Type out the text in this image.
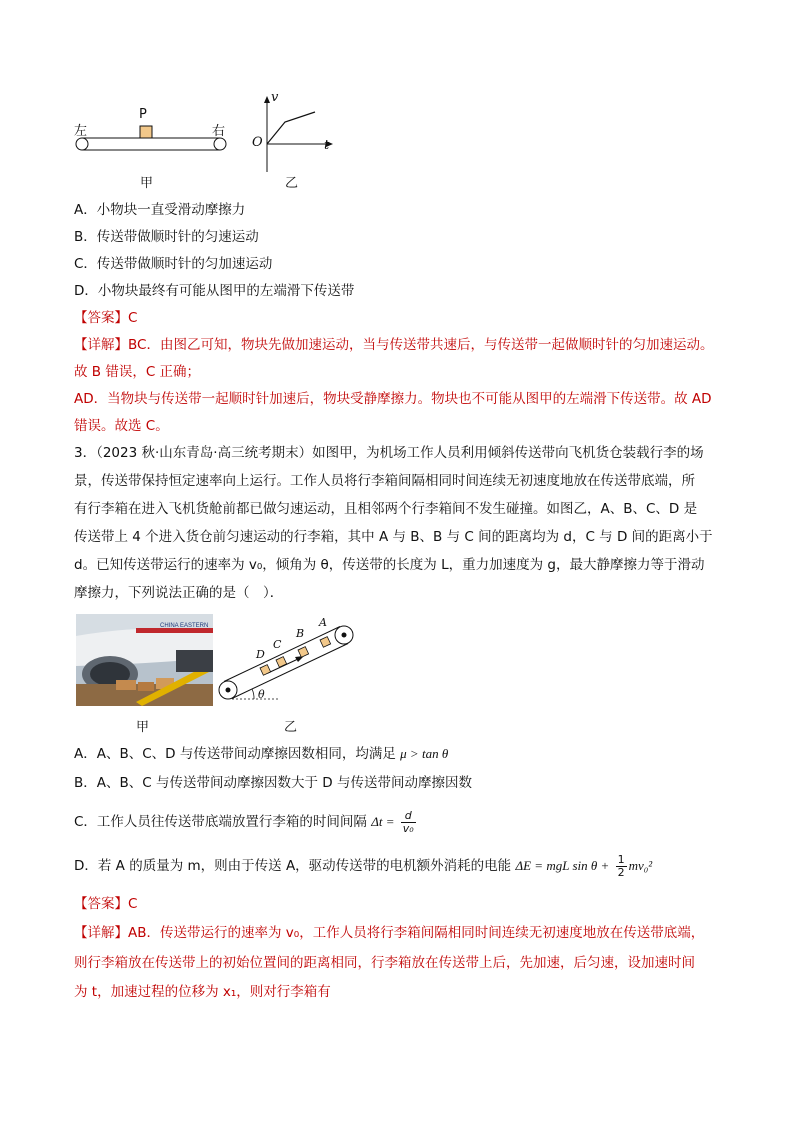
左	右
P
甲
v
t
O
乙
A．小物块一直受滑动摩擦力
B．传送带做顺时针的匀速运动
C．传送带做顺时针的匀加速运动
D．小物块最终有可能从图甲的左端滑下传送带
【答案】C
【详解】BC．由图乙可知，物块先做加速运动，当与传送带共速后，与传送带一起做顺时针的匀加速运动。
故 B 错误，C 正确；
AD．当物块与传送带一起顺时针加速后，物块受静摩擦力。物块也不可能从图甲的左端滑下传送带。故 AD
错误。故选 C。
3．（2023 秋·山东青岛·高三统考期末）如图甲，为机场工作人员利用倾斜传送带向飞机货仓装载行李的场
景，传送带保持恒定速率向上运行。工作人员将行李箱间隔相同时间连续无初速度地放在传送带底端，所
有行李箱在进入飞机货舱前都已做匀速运动，且相邻两个行李箱间不发生碰撞。如图乙，A、B、C、D 是
传送带上 4 个进入货仓前匀速运动的行李箱，其中 A 与 B、B 与 C 间的距离均为 d，C 与 D 间的距离小于
d。已知传送带运行的速率为 v₀，倾角为 θ，传送带的长度为 L，重力加速度为 g，最大静摩擦力等于滑动
摩擦力，下列说法正确的是（　）．
CHINA EASTERN
甲
D
C
B
A
θ
乙
A．A、B、C、D 与传送带间动摩擦因数相同，均满足 μ > tan θ
B．A、B、C 与传送带间动摩擦因数大于 D 与传送带间动摩擦因数
C．工作人员往传送带底端放置行李箱的时间间隔 $\Delta t = \frac{d}{\text{v₀}}$
D．若 A 的质量为 m，则由于传送 A，驱动传送带的电机额外消耗的电能 ΔE = mgL $\sin \theta + \frac{1}{2} mv_0^2$
【答案】C
【详解】AB．传送带运行的速率为 v₀，工作人员将行李箱间隔相同时间连续无初速度地放在传送带底端，
则行李箱放在传送带上的初始位置间的距离相同，行李箱放在传送带上后，先加速，后匀速，设加速时间
为 t，加速过程的位移为 x₁，则对行李箱有
